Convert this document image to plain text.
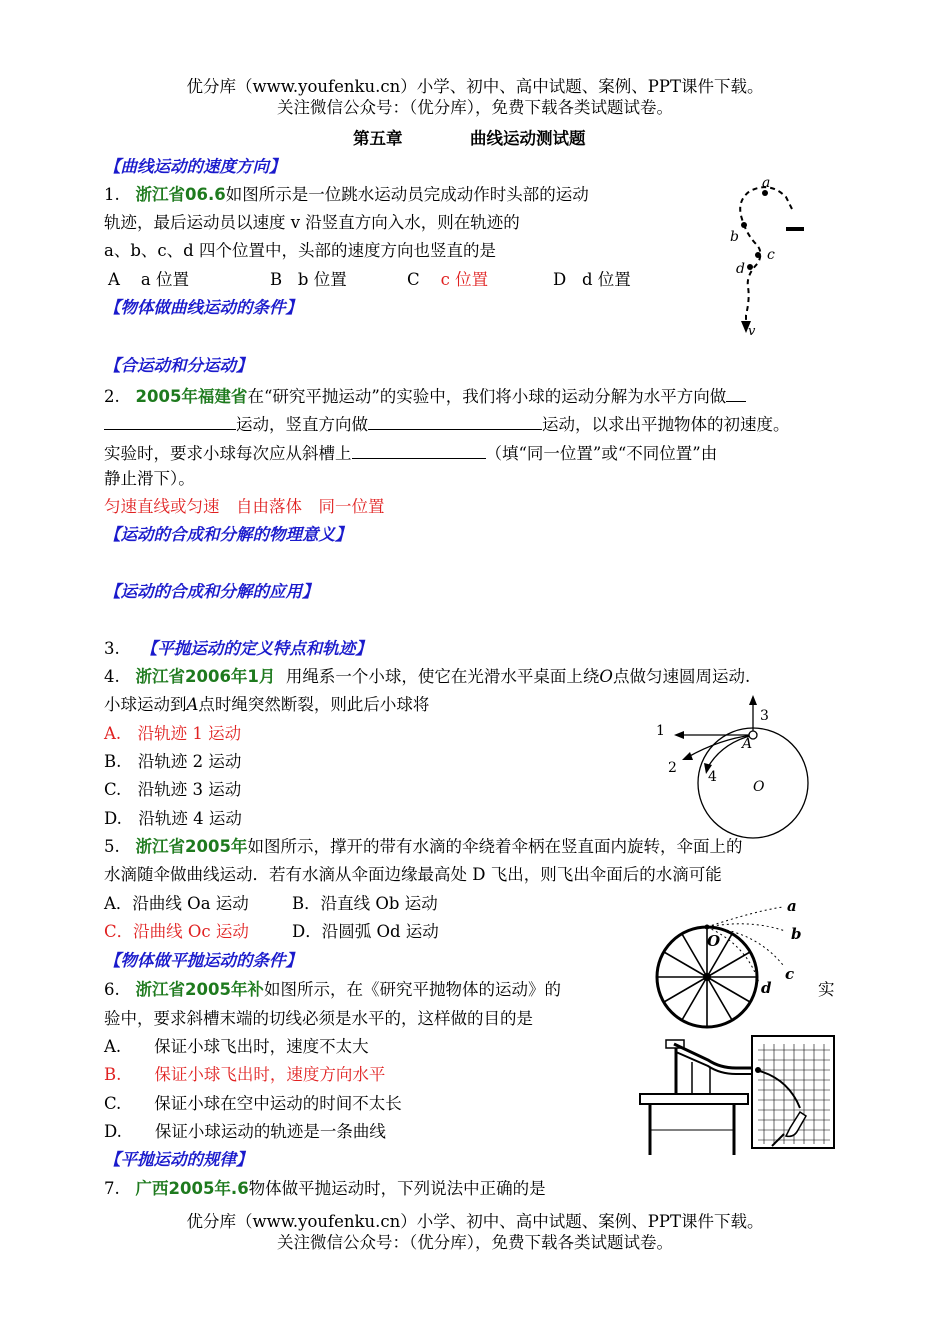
优分库（www.youfenku.cn）小学、初中、高中试题、案例、PPT课件下载。
关注微信公众号：（优分库），免费下载各类试题试卷。
第五章	曲线运动测试题
【曲线运动的速度方向】
1. 浙江省06.6如图所示是一位跳水运动员完成动作时头部的运动
轨迹，最后运动员以速度 v 沿竖直方向入水，则在轨迹的
a、b、c、d 四个位置中，头部的速度方向也竖直的是
A a 位置	B b 位置	C c 位置	D d 位置
a
b
c
d
v
【物体做曲线运动的条件】
【合运动和分运动】
2. 2005年福建省在“研究平抛运动”的实验中，我们将小球的运动分解为水平方向做
运动，竖直方向做	运动，以求出平抛物体的初速度。
实验时，要求小球每次应从斜槽上	（填“同一位置”或“不同位置”由
静止滑下）。
匀速直线或匀速　自由落体　同一位置
【运动的合成和分解的物理意义】
【运动的合成和分解的应用】
3. 【平抛运动的定义特点和轨迹】
4. 浙江省2006年1月 用绳系一个小球，使它在光滑水平桌面上绕O点做匀速圆周运动.
小球运动到A点时绳突然断裂，则此后小球将
A.　沿轨迹 1 运动
B.　沿轨迹 2 运动
C.　沿轨迹 3 运动
D.　沿轨迹 4 运动
1
2
3
4
A
O
5. 浙江省2005年如图所示，撑开的带有水滴的伞绕着伞柄在竖直面内旋转，伞面上的
水滴随伞做曲线运动．若有水滴从伞面边缘最高处 D 飞出，则飞出伞面后的水滴可能
A．沿曲线 Oa 运动	B．沿直线 Ob 运动
C．沿曲线 Oc 运动	D．沿圆弧 Od 运动	O
a
b
c
d
【物体做平抛运动的条件】
6. 浙江省2005年补如图所示，在《研究平抛物体的运动》的	实
验中，要求斜槽末端的切线必须是水平的，这样做的目的是
A.　　保证小球飞出时，速度不太大
B.　　保证小球飞出时，速度方向水平
C.　　保证小球在空中运动的时间不太长
D.　　保证小球运动的轨迹是一条曲线
【平抛运动的规律】
7. 广西2005年.6物体做平抛运动时，下列说法中正确的是
优分库（www.youfenku.cn）小学、初中、高中试题、案例、PPT课件下载。
关注微信公众号：（优分库），免费下载各类试题试卷。
